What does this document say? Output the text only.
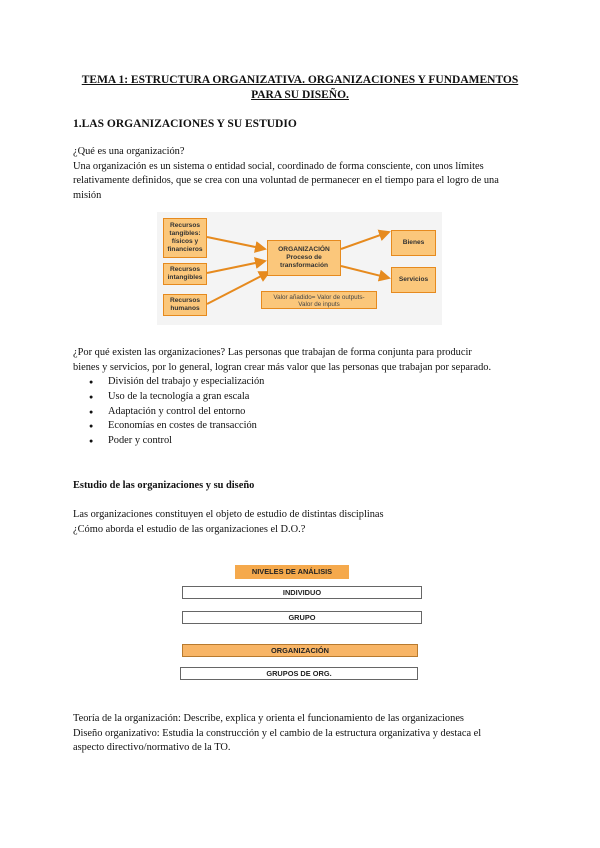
TEMA 1: ESTRUCTURA ORGANIZATIVA. ORGANIZACIONES Y FUNDAMENTOS
PARA SU DISEÑO.
1.LAS ORGANIZACIONES Y SU ESTUDIO
¿Qué es una organización?
Una organización es un sistema o entidad social, coordinado de forma consciente, con unos límites
relativamente definidos, que se crea con una voluntad de permanecer en el tiempo para el logro de una
misión
Recursos
tangibles:
físicos y
financieros
Recursos
intangibles
Recursos
humanos
ORGANIZACIÓN
Proceso de
transformación
Bienes
Servicios
Valor añadido= Valor de outputs-
Valor de inputs
¿Por qué existen las organizaciones? Las personas que trabajan de forma conjunta para producir
bienes y servicios, por lo general, logran crear más valor que las personas que trabajan por separado.
● División del trabajo y especialización
● Uso de la tecnología a gran escala
● Adaptación y control del entorno
● Economías en costes de transacción
● Poder y control
Estudio de las organizaciones y su diseño
Las organizaciones constituyen el objeto de estudio de distintas disciplinas
¿Cómo aborda el estudio de las organizaciones el D.O.?
NIVELES DE ANÁLISIS
INDIVIDUO
GRUPO
ORGANIZACIÓN
GRUPOS DE ORG.
Teoría de la organización: Describe, explica y orienta el funcionamiento de las organizaciones
Diseño organizativo: Estudia la construcción y el cambio de la estructura organizativa y destaca el
aspecto directivo/normativo de la TO.
